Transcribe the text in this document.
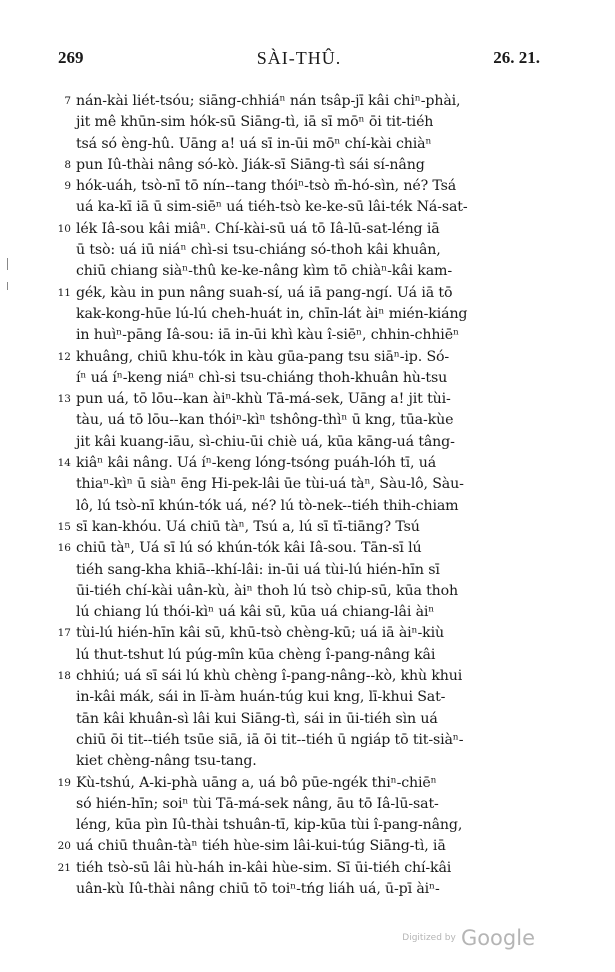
269	SÀI-THÛ.	26. 21.
7 nán-kài liét-tsóu; siāng-chhiáⁿ nán tsâp-jī kâi chiⁿ-phài,
jit mê khūn-sim hók-sū Siāng-tì, iā sī mōⁿ ōi tit-tiéh
tsá só èng-hû. Uāng a! uá sī in-ūi mōⁿ chí-kài chiàⁿ
8 pun Iû-thài nâng só-kò. Jiák-sī Siāng-tì sái sí-nâng
9 hók-uáh, tsò-nī tō nín--tang thóiⁿ-tsò m̄-hó-sìn, né? Tsá
uá ka-kī iā ū sim-siēⁿ uá tiéh-tsò ke-ke-sū lâi-ték Ná-sat-
10 lék Iâ-sou kâi miâⁿ. Chí-kài-sū uá tō Iâ-lū-sat-léng iā
ū tsò: uá iū niáⁿ chì-si tsu-chiáng só-thoh kâi khuân,
chiū chiang siàⁿ-thû ke-ke-nâng kìm tō chiàⁿ-kâi kam-
11 gék, kàu in pun nâng suah-sí, uá iā pang-ngí. Uá iā tō
kak-kong-hūe lú-lú cheh-huát in, chīn-lát àiⁿ mién-kiáng
in huìⁿ-pāng Iâ-sou: iā in-ūi khì kàu î-siēⁿ, chhin-chhiēⁿ
12 khuâng, chiū khu-tók in kàu gūa-pang tsu siāⁿ-ip. Só-
íⁿ uá íⁿ-keng niáⁿ chì-si tsu-chiáng thoh-khuân hù-tsu
13 pun uá, tō lōu--kan àiⁿ-khù Tā-má-sek, Uāng a! jit tùi-
tàu, uá tō lōu--kan thóiⁿ-kìⁿ tshông-thìⁿ ū kng, tūa-kùe
jit kâi kuang-iāu, sì-chiu-ūi chiè uá, kūa kāng-uá tâng-
14 kiâⁿ kâi nâng. Uá íⁿ-keng lóng-tsóng puáh-lóh tī, uá
thiaⁿ-kìⁿ ū siàⁿ ēng Hi-pek-lâi ūe tùi-uá tàⁿ, Sàu-lô, Sàu-
lô, lú tsò-nī khún-tók uá, né? lú tò-nek--tiéh thih-chiam
15 sī kan-khóu. Uá chiū tàⁿ, Tsú a, lú sī tī-tiāng? Tsú
16 chiū tàⁿ, Uá sī lú só khún-tók kâi Iâ-sou. Tān-sī lú
tiéh sang-kha khiā--khí-lâi: in-ūi uá tùi-lú hién-hīn sī
ūi-tiéh chí-kài uân-kù, àiⁿ thoh lú tsò chip-sū, kūa thoh
lú chiang lú thói-kìⁿ uá kâi sū, kūa uá chiang-lâi àiⁿ
17 tùi-lú hién-hīn kâi sū, khū-tsò chèng-kū; uá iā àiⁿ-kiù
lú thut-tshut lú púg-mîn kūa chèng î-pang-nâng kâi
18 chhiú; uá sī sái lú khù chèng î-pang-nâng--kò, khù khui
in-kâi mák, sái in lī-àm huán-túg kui kng, lī-khui Sat-
tān kâi khuân-sì lâi kui Siāng-tì, sái in ūi-tiéh sìn uá
chiū ōi tit--tiéh tsūe siā, iā ōi tit--tiéh ū ngiáp tō tit-siàⁿ-
kiet chèng-nâng tsu-tang.
19 Kù-tshú, A-ki-phà uāng a, uá bô pūe-ngék thiⁿ-chiēⁿ
só hién-hīn; soiⁿ tùi Tā-má-sek nâng, āu tō Iâ-lū-sat-
léng, kūa pìn Iû-thài tshuân-tī, kip-kūa tùi î-pang-nâng,
20 uá chiū thuân-tàⁿ tiéh hùe-sim lâi-kui-túg Siāng-tì, iā
21 tiéh tsò-sū lâi hù-háh in-kâi hùe-sim. Sī ūi-tiéh chí-kâi
uân-kù Iû-thài nâng chiū tō toiⁿ-tńg liáh uá, ū-pī àiⁿ-
Digitized by Google
